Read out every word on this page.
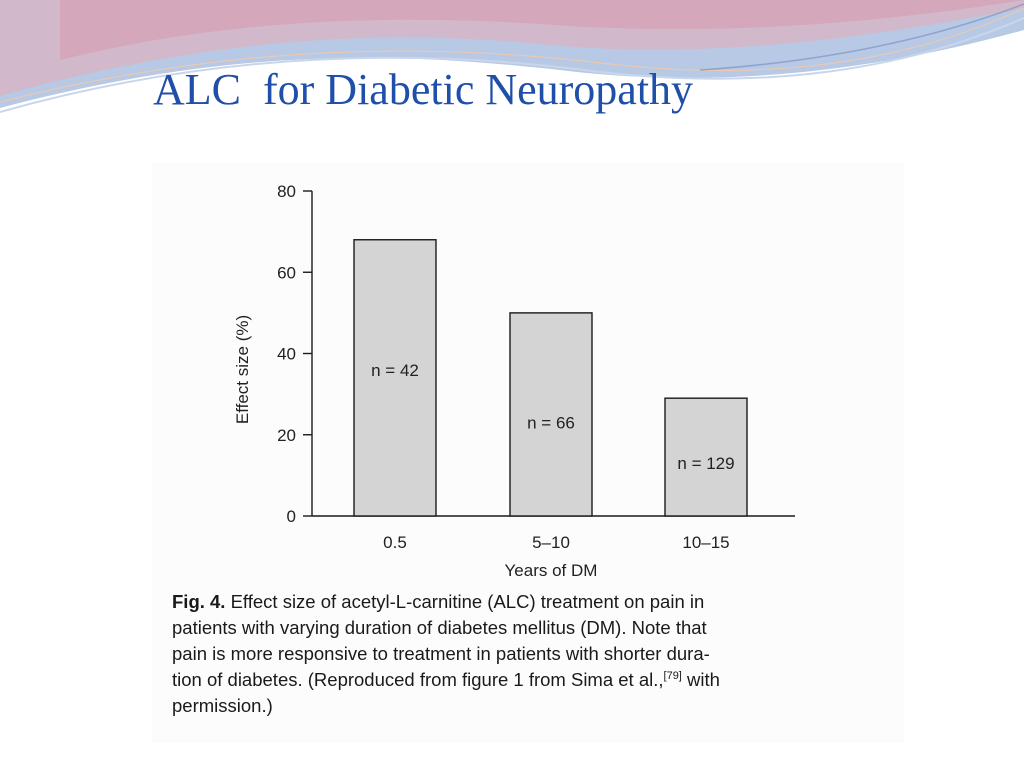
ALC  for Diabetic Neuropathy
0
20
40
60
80
Effect size (%)	n = 42
0.5
n = 66
5–10
n = 129
10–15
Years of DM

Fig. 4. Effect size of acetyl-L-carnitine (ALC) treatment on pain in
patients with varying duration of diabetes mellitus (DM). Note that
pain is more responsive to treatment in patients with shorter dura-
tion of diabetes. (Reproduced from figure 1 from Sima et al.,[79] with
permission.)
